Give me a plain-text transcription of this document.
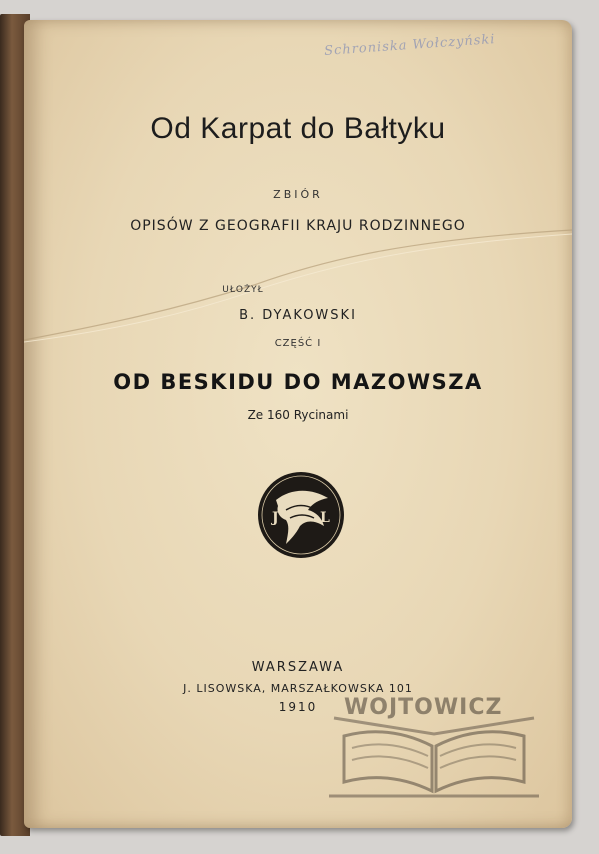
Schroniska Wołczyński
Od Karpat do Bałtyku
ZBIÓR
OPISÓW Z GEOGRAFII KRAJU RODZINNEGO
UŁOŻYŁ
B. DYAKOWSKI
CZĘŚĆ I
OD BESKIDU DO MAZOWSZA
Ze 160 Rycinami
J	L
WARSZAWA
J. LISOWSKA, MARSZAŁKOWSKA 101
1910	WOJTOWICZ
